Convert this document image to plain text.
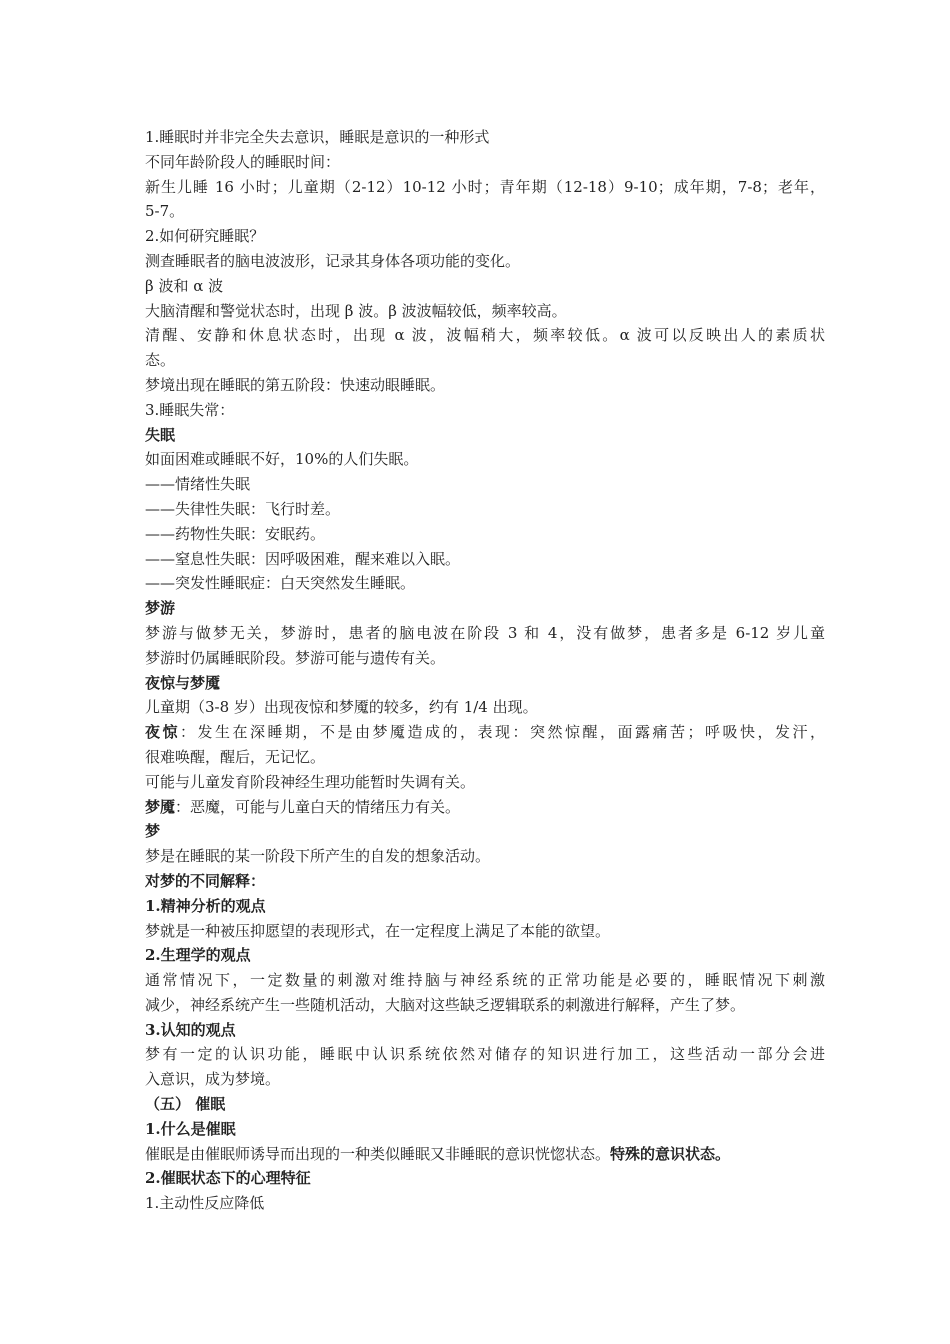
1.睡眠时并非完全失去意识，睡眠是意识的一种形式

不同年龄阶段人的睡眠时间：

新生儿睡 16 小时；儿童期（2-12）10-12 小时；青年期（12-18）9-10；成年期，7-8；老年，

5-7。

2.如何研究睡眠？

测查睡眠者的脑电波波形，记录其身体各项功能的变化。

β 波和 α 波

大脑清醒和警觉状态时，出现 β 波。β 波波幅较低，频率较高。

清醒、安静和休息状态时，出现 α 波，波幅稍大，频率较低。α 波可以反映出人的素质状

态。

梦境出现在睡眠的第五阶段：快速动眼睡眠。

3.睡眠失常：

失眠

如面困难或睡眠不好，10%的人们失眠。

——情绪性失眠

——失律性失眠：飞行时差。

——药物性失眠：安眠药。

——窒息性失眠：因呼吸困难，醒来难以入眠。

——突发性睡眠症：白天突然发生睡眠。

梦游

梦游与做梦无关，梦游时，患者的脑电波在阶段 3 和 4，没有做梦，患者多是 6-12 岁儿童

梦游时仍属睡眠阶段。梦游可能与遗传有关。

夜惊与梦魇

儿童期（3-8 岁）出现夜惊和梦魇的较多，约有 1/4 出现。

夜惊：发生在深睡期，不是由梦魇造成的，表现：突然惊醒，面露痛苦；呼吸快，发汗，

很难唤醒，醒后，无记忆。

可能与儿童发育阶段神经生理功能暂时失调有关。

梦魇：恶魔，可能与儿童白天的情绪压力有关。

梦

梦是在睡眠的某一阶段下所产生的自发的想象活动。

对梦的不同解释：

1.精神分析的观点

梦就是一种被压抑愿望的表现形式，在一定程度上满足了本能的欲望。

2.生理学的观点

通常情况下，一定数量的刺激对维持脑与神经系统的正常功能是必要的，睡眠情况下刺激

减少，神经系统产生一些随机活动，大脑对这些缺乏逻辑联系的刺激进行解释，产生了梦。

3.认知的观点

梦有一定的认识功能，睡眠中认识系统依然对储存的知识进行加工，这些活动一部分会进

入意识，成为梦境。

（五） 催眠

1.什么是催眠

催眠是由催眠师诱导而出现的一种类似睡眠又非睡眠的意识恍惚状态。特殊的意识状态。

2.催眠状态下的心理特征

1.主动性反应降低
